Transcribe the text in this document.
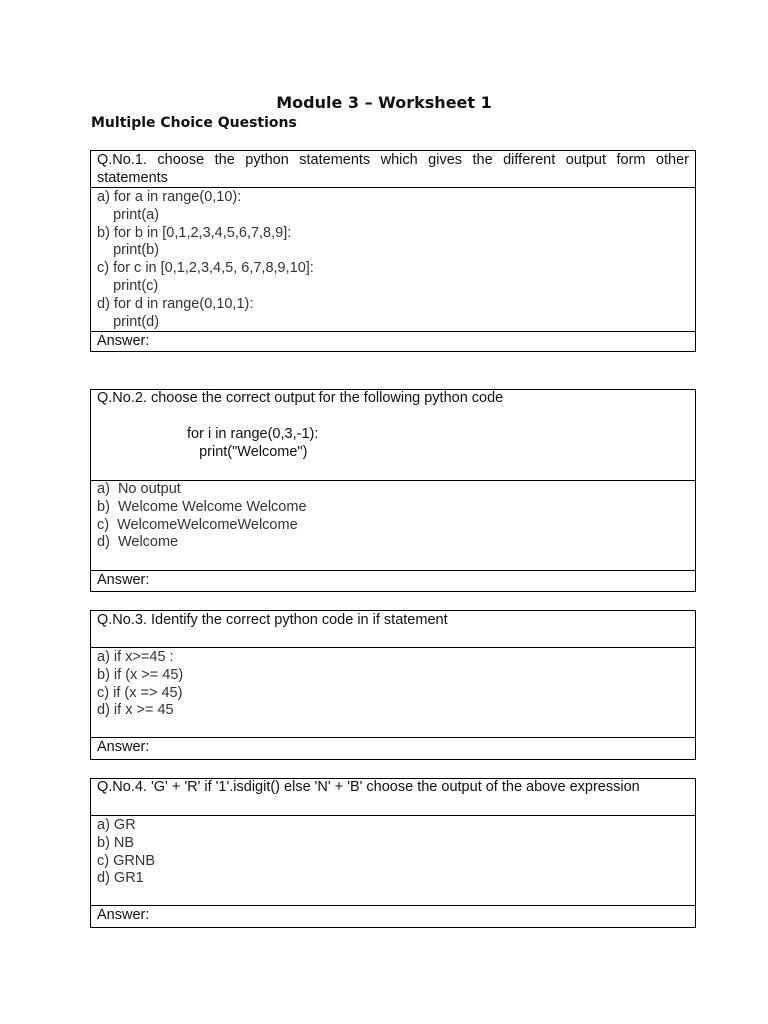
Module 3 – Worksheet 1
Multiple Choice Questions
Q.No.1. choose the python statements which gives the different output form other statements
a) for a in range(0,10):
print(a)
b) for b in [0,1,2,3,4,5,6,7,8,9]:
print(b)
c) for c in [0,1,2,3,4,5, 6,7,8,9,10]:
print(c)
d) for d in range(0,10,1):
print(d)
Answer:
Q.No.2. choose the correct output for the following python code
for i in range(0,3,-1):
print("Welcome")
a)  No output
b)  Welcome Welcome Welcome
c)  WelcomeWelcomeWelcome
d)  Welcome
Answer:
Q.No.3. Identify the correct python code in if statement
a) if x>=45 :
b) if (x >= 45)
c) if (x => 45)
d) if x >= 45
Answer:
Q.No.4. 'G' + 'R' if '1'.isdigit() else 'N' + 'B' choose the output of the above expression
a) GR
b) NB
c) GRNB
d) GR1
Answer:
